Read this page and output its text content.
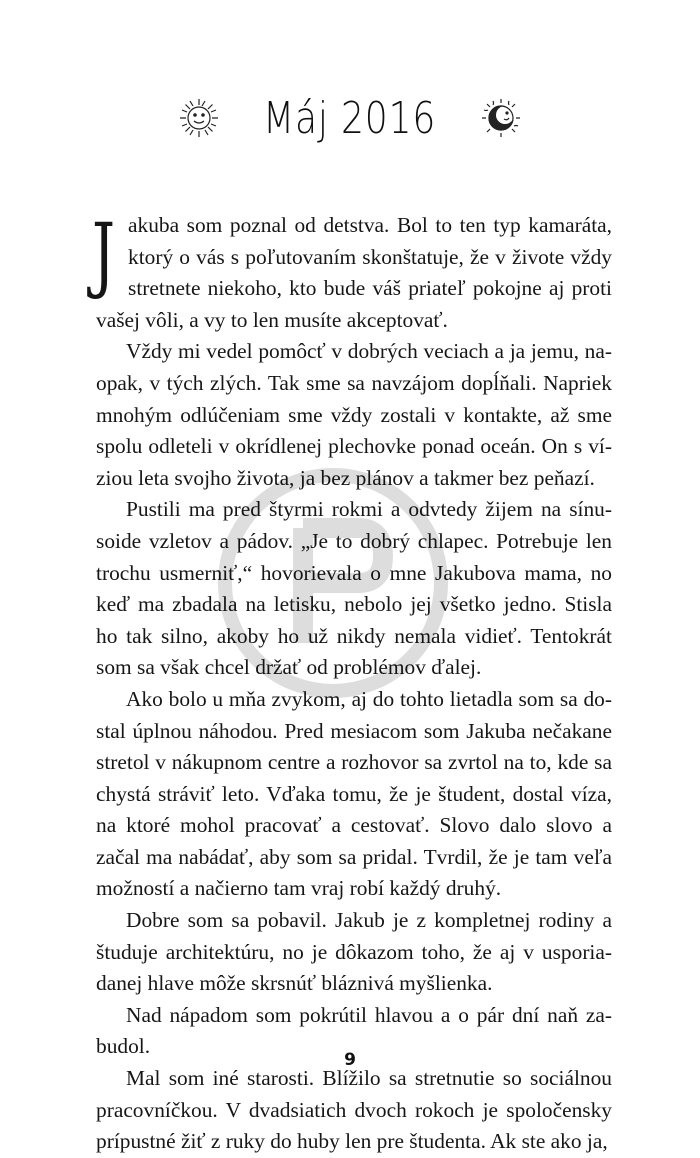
Máj 2016

Jakuba som poznal od detstva. Bol to ten typ kamaráta, ktorý o vás s poľutovaním skonštatuje, že v živote vždy stretnete niekoho, kto bude váš priateľ pokojne aj proti vašej vôli, a vy to len musíte akceptovať.

Vždy mi vedel pomôcť v dobrých veciach a ja jemu, naopak, v tých zlých. Tak sme sa navzájom dopĺňali. Napriek mnohým odlúčeniam sme vždy zostali v kontakte, až sme spolu odleteli v okrídlenej plechovke ponad oceán. On s víziou leta svojho života, ja bez plánov a takmer bez peňazí.

Pustili ma pred štyrmi rokmi a odvtedy žijem na sínusoide vzletov a pádov. „Je to dobrý chlapec. Potrebuje len trochu usmerniť,“ hovorievala o mne Jakubova mama, no keď ma zbadala na letisku, nebolo jej všetko jedno. Stisla ho tak silno, akoby ho už nikdy nemala vidieť. Tentokrát som sa však chcel držať od problémov ďalej.

Ako bolo u mňa zvykom, aj do tohto lietadla som sa dostal úplnou náhodou. Pred mesiacom som Jakuba nečakane stretol v nákupnom centre a rozhovor sa zvrtol na to, kde sa chystá stráviť leto. Vďaka tomu, že je študent, dostal víza, na ktoré mohol pracovať a cestovať. Slovo dalo slovo a začal ma nabádať, aby som sa pridal. Tvrdil, že je tam veľa možností a načierno tam vraj robí každý druhý.

Dobre som sa pobavil. Jakub je z kompletnej rodiny a študuje architektúru, no je dôkazom toho, že aj v usporiadanej hlave môže skrsnúť bláznivá myšlienka.

Nad nápadom som pokrútil hlavou a o pár dní naň zabudol.

Mal som iné starosti. Blížilo sa stretnutie so sociálnou pracovníčkou. V dvadsiatich dvoch rokoch je spoločensky prípustné žiť z ruky do huby len pre študenta. Ak ste ako ja,

9
